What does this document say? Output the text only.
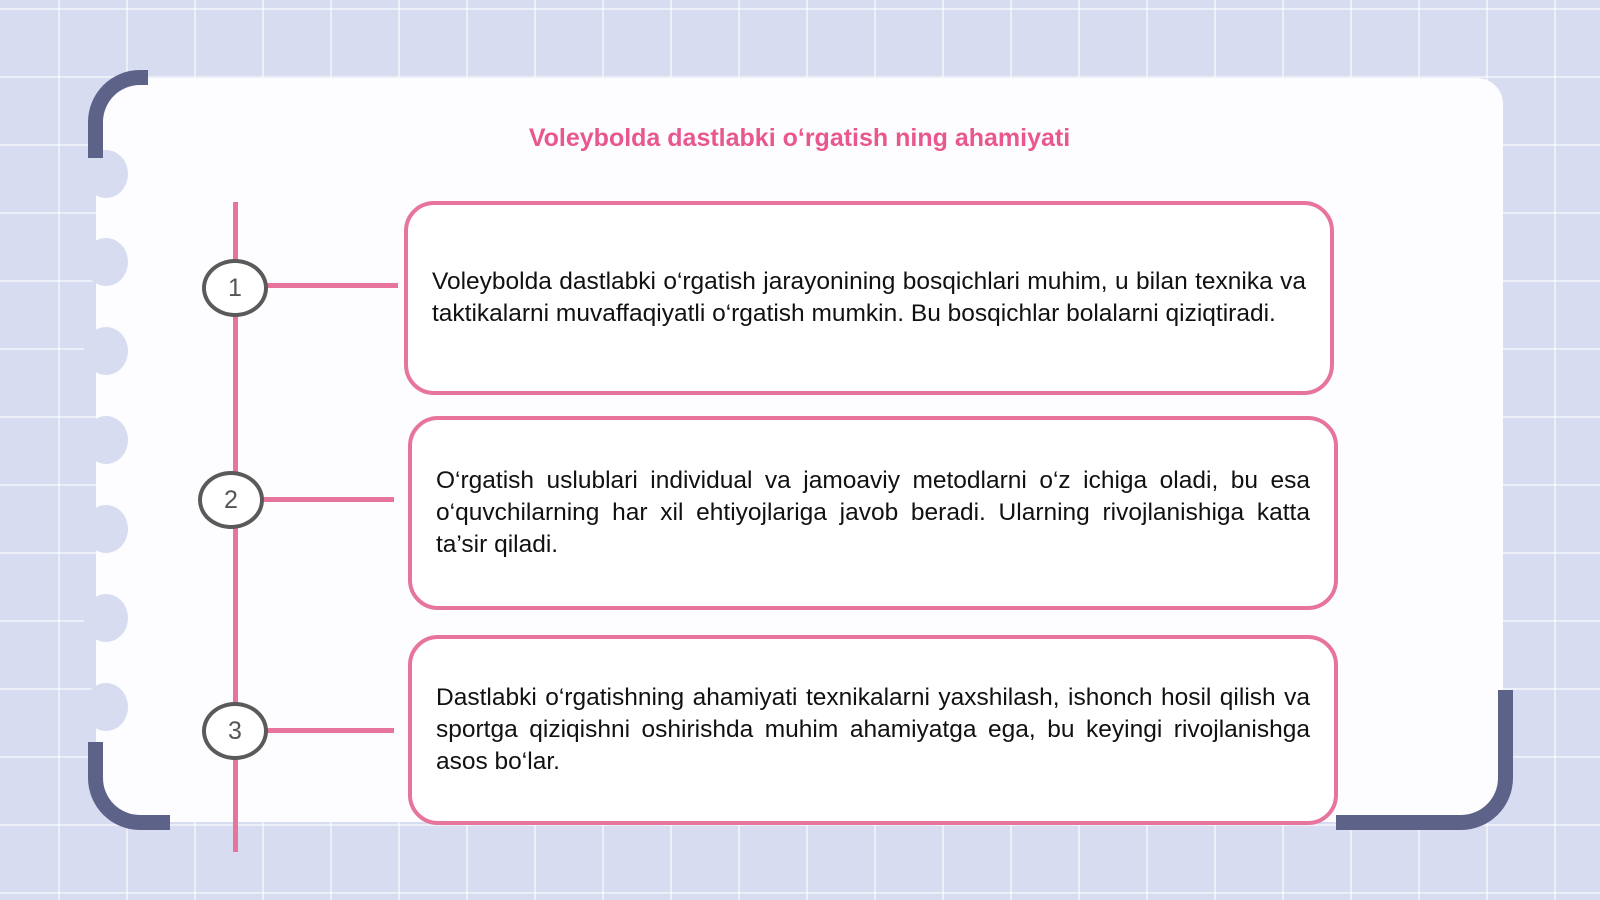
Voleybolda dastlabki o‘rgatish ning ahamiyati
1
2
3

Voleybolda dastlabki o‘rgatish jarayonining bosqichlari muhim, u bilan texnika va taktikalarni muvaffaqiyatli o‘rgatish mumkin. Bu bosqichlar bolalarni qiziqtiradi.

O‘rgatish uslublari individual va jamoaviy metodlarni o‘z ichiga oladi, bu esa o‘quvchilarning har xil ehtiyojlariga javob beradi. Ularning rivojlanishiga katta ta’sir qiladi.

Dastlabki o‘rgatishning ahamiyati texnikalarni yaxshilash, ishonch hosil qilish va sportga qiziqishni oshirishda muhim ahamiyatga ega, bu keyingi rivojlanishga asos bo‘lar.
